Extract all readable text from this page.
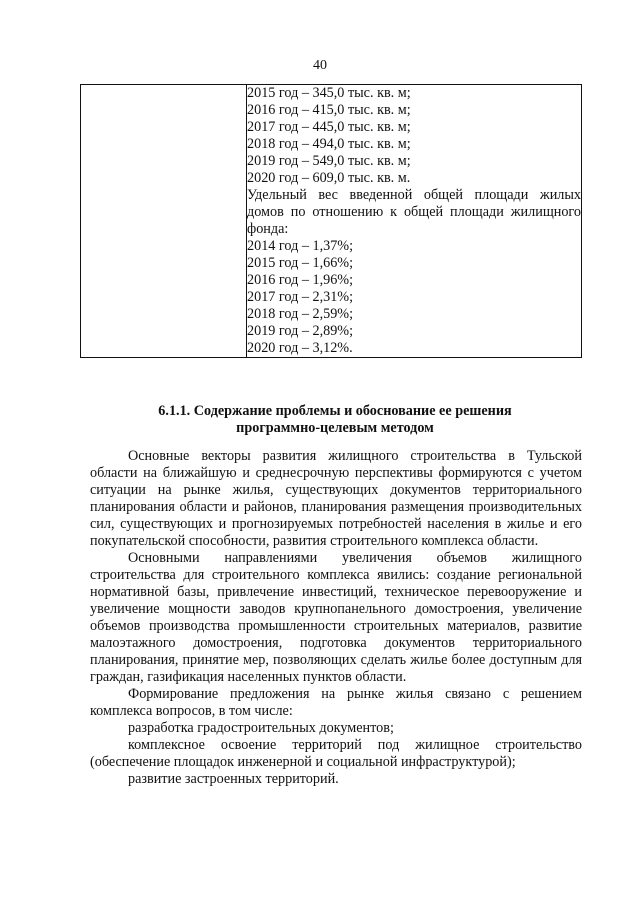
40

2015 год – 345,0 тыс. кв. м;
2016 год – 415,0 тыс. кв. м;
2017 год – 445,0 тыс. кв. м;
2018 год – 494,0 тыс. кв. м;
2019 год – 549,0 тыс. кв. м;
2020 год – 609,0 тыс. кв. м.
Удельный вес введенной общей площади жилых домов по отношению к общей площади жилищного фонда:
2014 год – 1,37%;
2015 год – 1,66%;
2016 год – 1,96%;
2017 год – 2,31%;
2018 год – 2,59%;
2019 год – 2,89%;
2020 год – 3,12%.
6.1.1. Содержание проблемы и обоснование ее решения
программно-целевым методом

Основные векторы развития жилищного строительства в Тульской области на ближайшую и среднесрочную перспективы формируются с учетом ситуации на рынке жилья, существующих документов территориального планирования области и районов, планирования размещения производительных сил, существующих и прогнозируемых потребностей населения в жилье и его покупательской способности, развития строительного комплекса области.

Основными направлениями увеличения объемов жилищного строительства для строительного комплекса явились: создание региональной нормативной базы, привлечение инвестиций, техническое перевооружение и увеличение мощности заводов крупнопанельного домостроения, увеличение объемов производства промышленности строительных материалов, развитие малоэтажного домостроения, подготовка документов территориального планирования, принятие мер, позволяющих сделать жилье более доступным для граждан, газификация населенных пунктов области.

Формирование предложения на рынке жилья связано с решением комплекса вопросов, в том числе:

разработка градостроительных документов;

комплексное освоение территорий под жилищное строительство (обеспечение площадок инженерной и социальной инфраструктурой);

развитие застроенных территорий.
